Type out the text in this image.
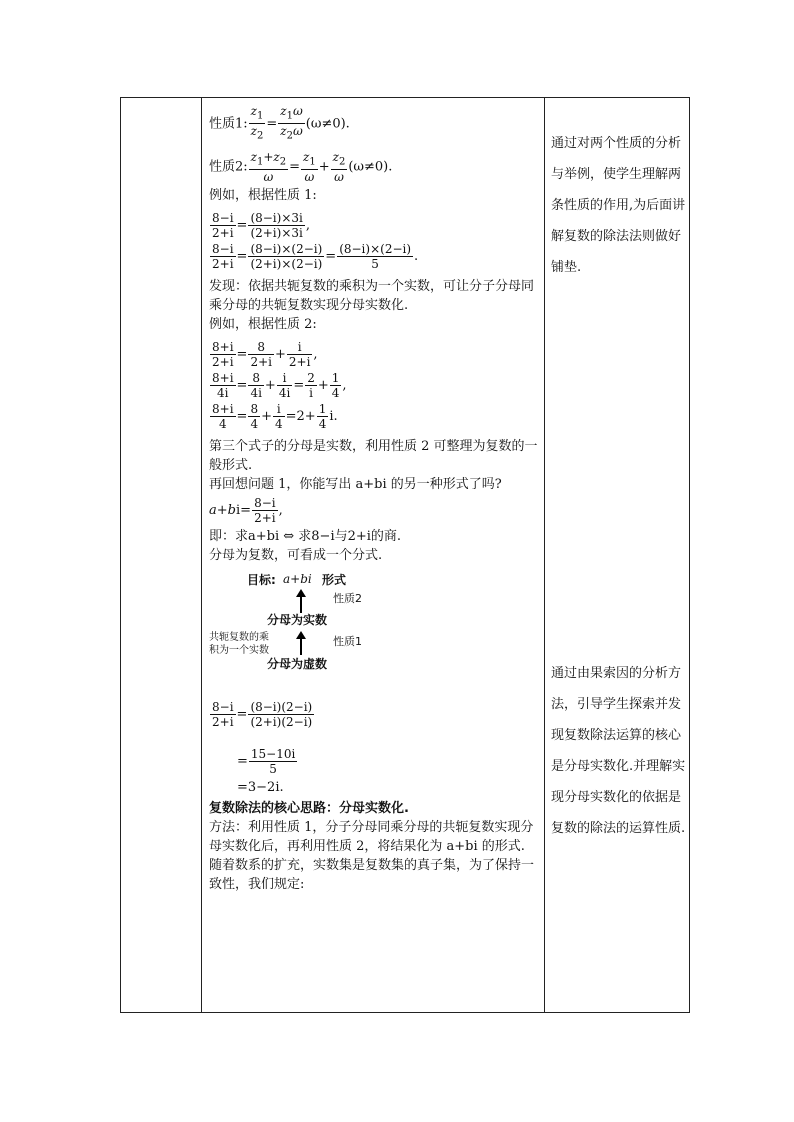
性质1: $\frac{z_1}{z_2} = \frac{z_1\omega}{z_2\omega} (\omega\ne 0)$.
性质2: $\frac{z_1+z_2}{\omega} = \frac{z_1}{\omega} + \frac{z_2}{\omega} (\omega\ne 0)$.

例如，根据性质 1:

$\frac{8-i}{2+i} = \frac{(8-i)\times 3i}{(2+i)\times 3i}$ ,
$\frac{8-i}{2+i} = \frac{(8-i)\times(2-i)}{(2+i)\times(2-i)} = \frac{(8-i)\times(2-i)}{5}$ .

发现：依据共轭复数的乘积为一个实数，可让分子分母同乘分母的共轭复数实现分母实数化.

例如，根据性质 2:

$\frac{8+i}{2+i} = \frac{8}{2+i} + \frac{i}{2+i}$ ,
$\frac{8+i}{4i} = \frac{8}{4i} + \frac{i}{4i} = \frac{2}{i} + \frac{1}{4}$ ,
$\frac{8+i}{4} = \frac{8}{4} + \frac{i}{4} =2+ \frac{1}{4} i$.

第三个式子的分母是实数，利用性质 2 可整理为复数的一般形式.

再回想问题 1，你能写出 a+bi 的另一种形式了吗?

$a+bi= \frac{8-i}{2+i}$ ,

即：求a+bi ⇔ 求8−i与2+i的商.

分母为复数，可看成一个分式.

目标: a+bi 形式
性质2
分母为实数
共轭复数的乘
积为一个实数
性质1
分母为虚数
$\frac{8-i}{2+i} = \frac{(8-i)(2-i)}{(2+i)(2-i)}$
= $\frac{15-10i}{5}$
=3−2i.

复数除法的核心思路：分母实数化.

方法：利用性质 1，分子分母同乘分母的共轭复数实现分母实数化后，再利用性质 2，将结果化为 a+bi 的形式.

随着数系的扩充，实数集是复数集的真子集，为了保持一致性，我们规定:

通过对两个性质的分析与举例，使学生理解两条性质的作用,为后面讲解复数的除法法则做好铺垫.
通过由果索因的分析方法，引导学生探索并发现复数除法运算的核心是分母实数化.并理解实现分母实数化的依据是复数的除法的运算性质.
